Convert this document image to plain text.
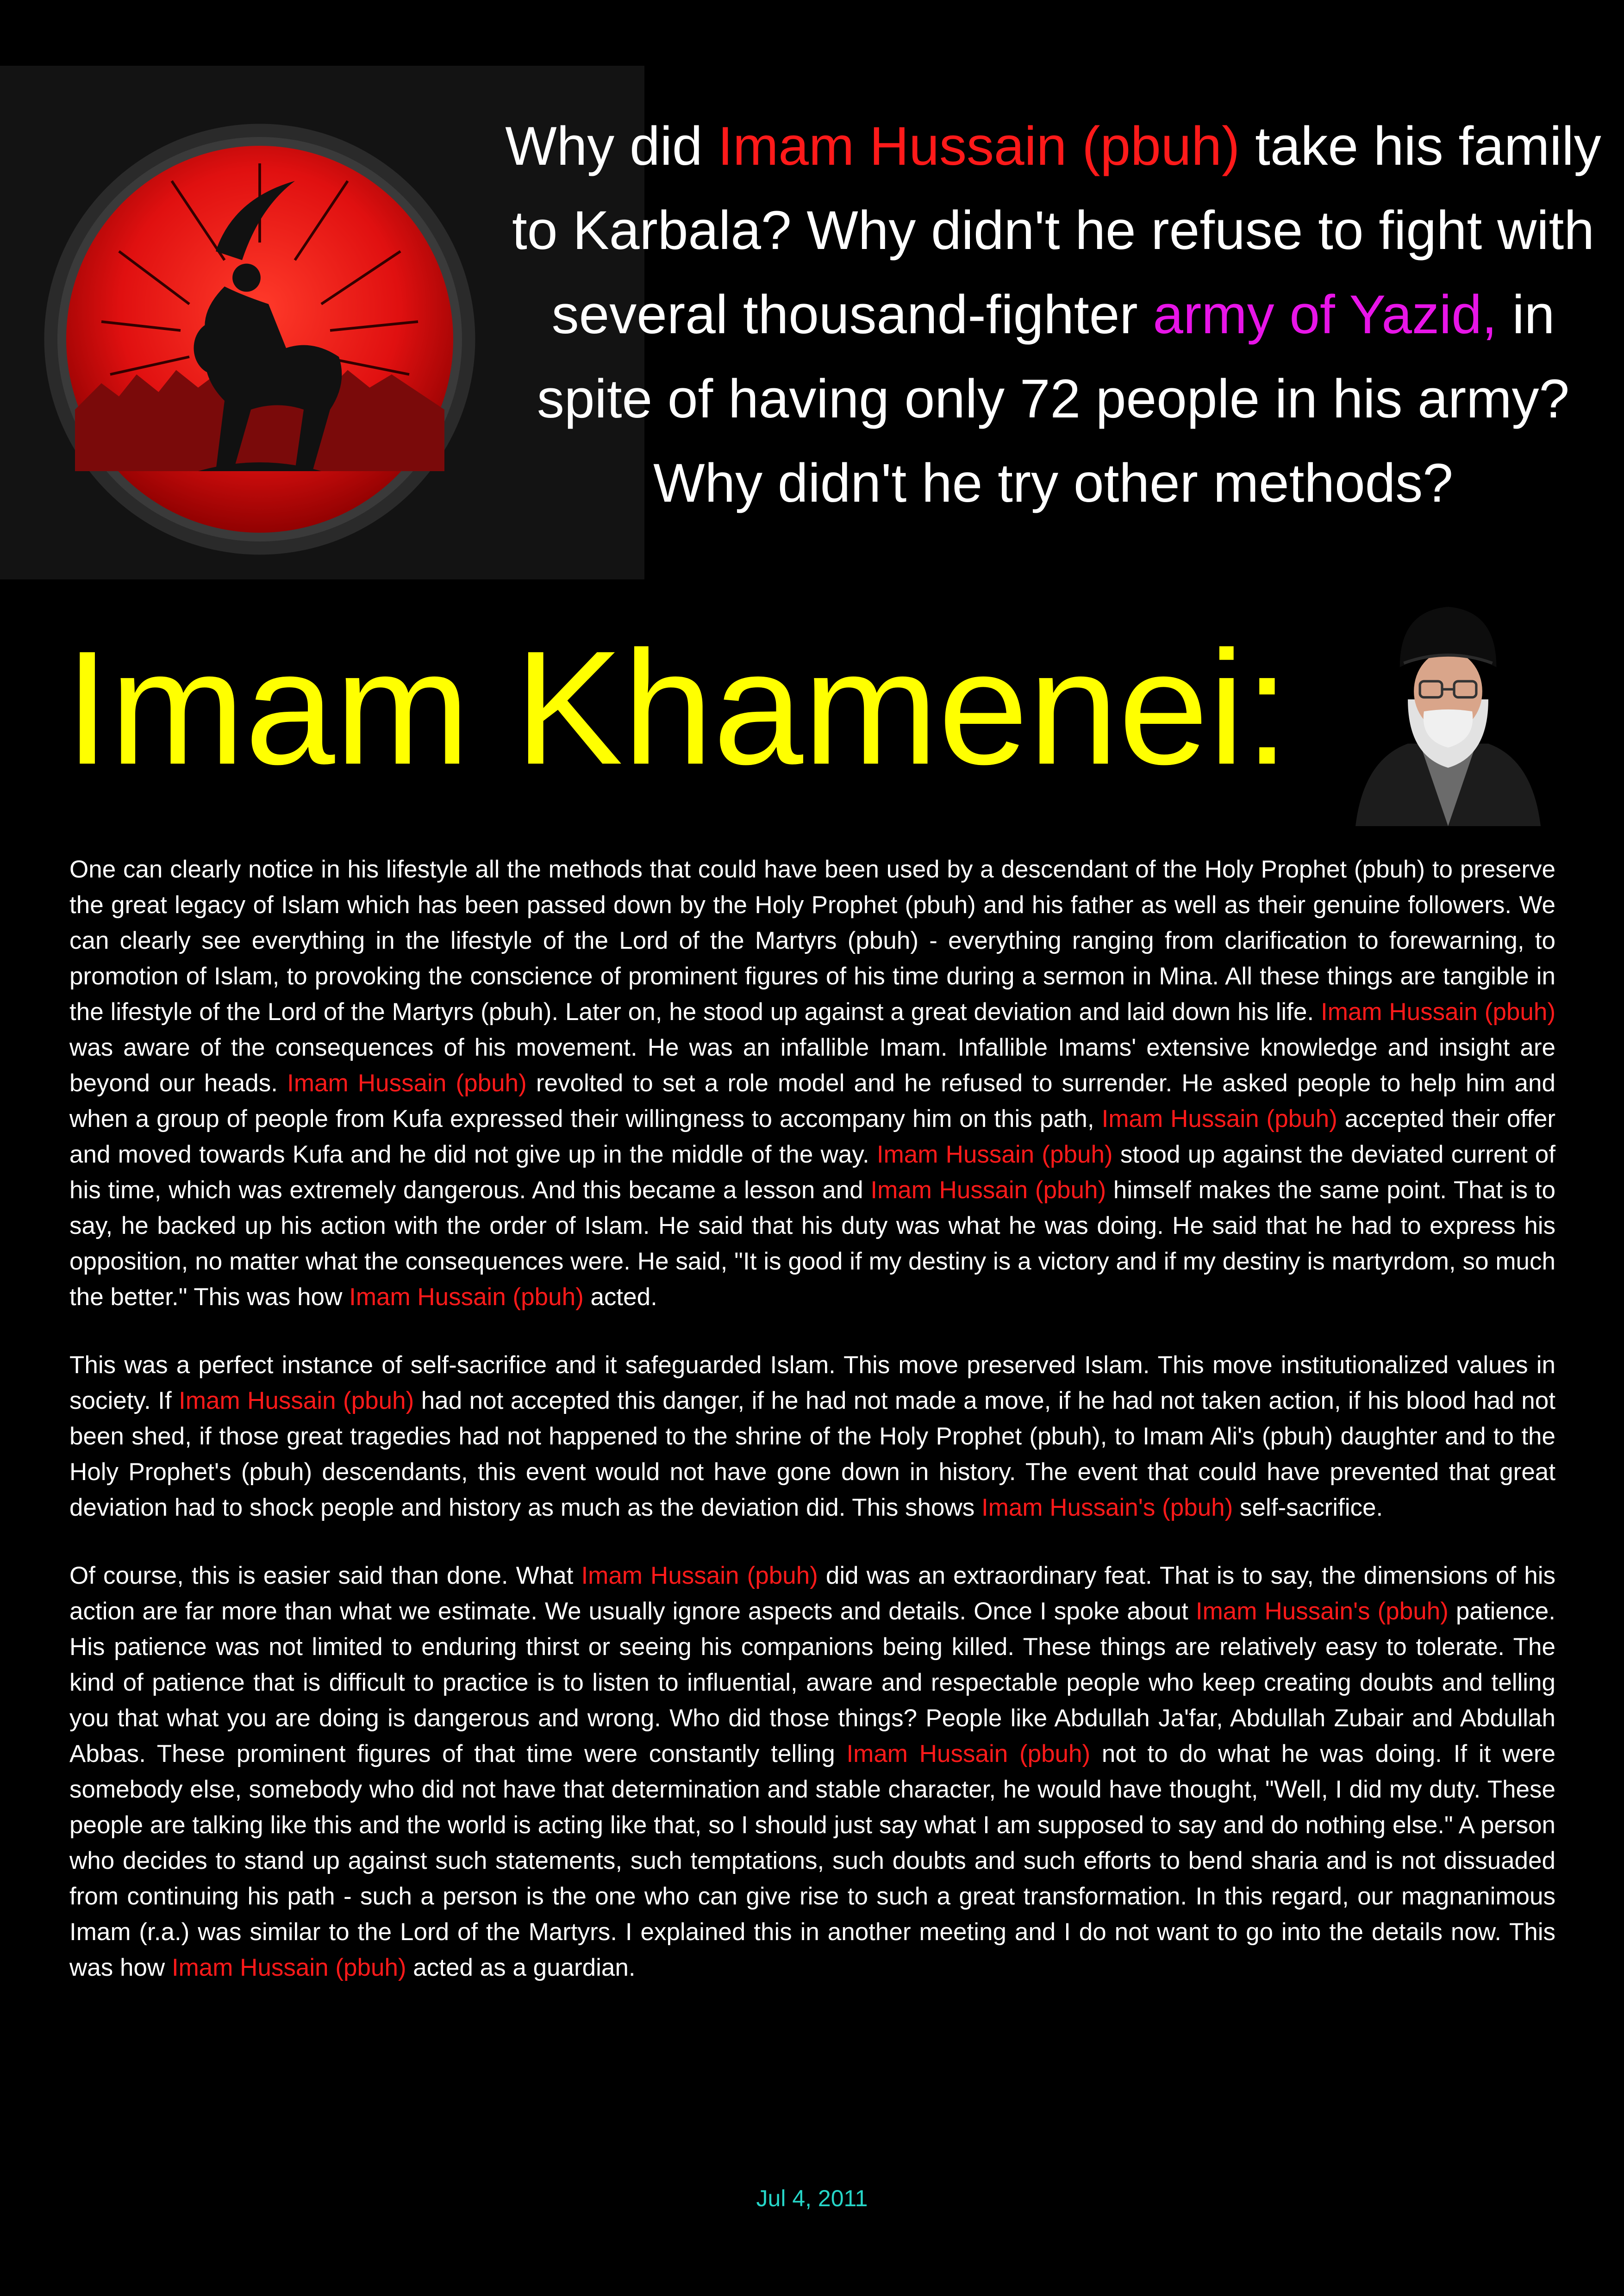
Why did Imam Hussain (pbuh) take his family to Karbala? Why didn't he refuse to fight with several thousand-fighter army of Yazid, in spite of having only 72 people in his army? Why didn't he try other methods?
Imam Khamenei:

One can clearly notice in his lifestyle all the methods that could have been used by a descendant of the Holy Prophet (pbuh) to preserve the great legacy of Islam which has been passed down by the Holy Prophet (pbuh) and his father as well as their genuine followers. We can clearly see everything in the lifestyle of the Lord of the Martyrs (pbuh) - everything ranging from clarification to forewarning, to promotion of Islam, to provoking the conscience of prominent figures of his time during a sermon in Mina. All these things are tangible in the lifestyle of the Lord of the Martyrs (pbuh). Later on, he stood up against a great deviation and laid down his life. Imam Hussain (pbuh) was aware of the consequences of his movement. He was an infallible Imam. Infallible Imams' extensive knowledge and insight are beyond our heads. Imam Hussain (pbuh) revolted to set a role model and he refused to surrender. He asked people to help him and when a group of people from Kufa expressed their willingness to accompany him on this path, Imam Hussain (pbuh) accepted their offer and moved towards Kufa and he did not give up in the middle of the way. Imam Hussain (pbuh) stood up against the deviated current of his time, which was extremely dangerous. And this became a lesson and Imam Hussain (pbuh) himself makes the same point. That is to say, he backed up his action with the order of Islam. He said that his duty was what he was doing. He said that he had to express his opposition, no matter what the consequences were. He said, "It is good if my destiny is a victory and if my destiny is martyrdom, so much the better." This was how Imam Hussain (pbuh) acted.

This was a perfect instance of self-sacrifice and it safeguarded Islam. This move preserved Islam. This move institutionalized values in society. If Imam Hussain (pbuh) had not accepted this danger, if he had not made a move, if he had not taken action, if his blood had not been shed, if those great tragedies had not happened to the shrine of the Holy Prophet (pbuh), to Imam Ali's (pbuh) daughter and to the Holy Prophet's (pbuh) descendants, this event would not have gone down in history. The event that could have prevented that great deviation had to shock people and history as much as the deviation did. This shows Imam Hussain's (pbuh) self-sacrifice.

Of course, this is easier said than done. What Imam Hussain (pbuh) did was an extraordinary feat. That is to say, the dimensions of his action are far more than what we estimate. We usually ignore aspects and details. Once I spoke about Imam Hussain's (pbuh) patience. His patience was not limited to enduring thirst or seeing his companions being killed. These things are relatively easy to tolerate. The kind of patience that is difficult to practice is to listen to influential, aware and respectable people who keep creating doubts and telling you that what you are doing is dangerous and wrong. Who did those things? People like Abdullah Ja'far, Abdullah Zubair and Abdullah Abbas. These prominent figures of that time were constantly telling Imam Hussain (pbuh) not to do what he was doing. If it were somebody else, somebody who did not have that determination and stable character, he would have thought, "Well, I did my duty. These people are talking like this and the world is acting like that, so I should just say what I am supposed to say and do nothing else." A person who decides to stand up against such statements, such temptations, such doubts and such efforts to bend sharia and is not dissuaded from continuing his path - such a person is the one who can give rise to such a great transformation. In this regard, our magnanimous Imam (r.a.) was similar to the Lord of the Martyrs. I explained this in another meeting and I do not want to go into the details now. This was how Imam Hussain (pbuh) acted as a guardian.

Jul 4, 2011
